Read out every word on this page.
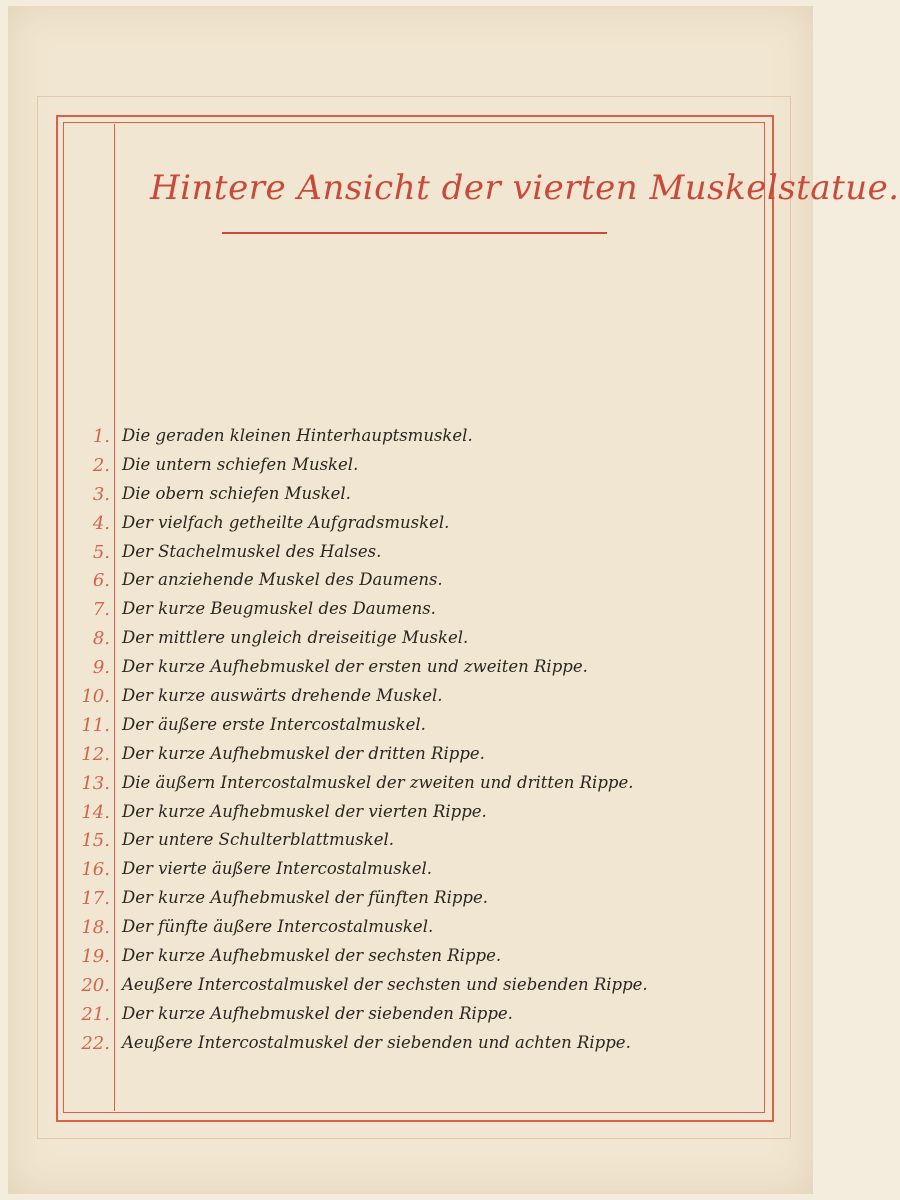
Hintere Ansicht der vierten Muskelstatue.
1. Die geraden kleinen Hinterhauptsmuskel.
2. Die untern schiefen Muskel.
3. Die obern schiefen Muskel.
4. Der vielfach getheilte Aufgradsmuskel.
5. Der Stachelmuskel des Halses.
6. Der anziehende Muskel des Daumens.
7. Der kurze Beugmuskel des Daumens.
8. Der mittlere ungleich dreiseitige Muskel.
9. Der kurze Aufhebmuskel der ersten und zweiten Rippe.
10. Der kurze auswärts drehende Muskel.
11. Der äußere erste Intercostalmuskel.
12. Der kurze Aufhebmuskel der dritten Rippe.
13. Die äußern Intercostalmuskel der zweiten und dritten Rippe.
14. Der kurze Aufhebmuskel der vierten Rippe.
15. Der untere Schulterblattmuskel.
16. Der vierte äußere Intercostalmuskel.
17. Der kurze Aufhebmuskel der fünften Rippe.
18. Der fünfte äußere Intercostalmuskel.
19. Der kurze Aufhebmuskel der sechsten Rippe.
20. Aeußere Intercostalmuskel der sechsten und siebenden Rippe.
21. Der kurze Aufhebmuskel der siebenden Rippe.
22. Aeußere Intercostalmuskel der siebenden und achten Rippe.
